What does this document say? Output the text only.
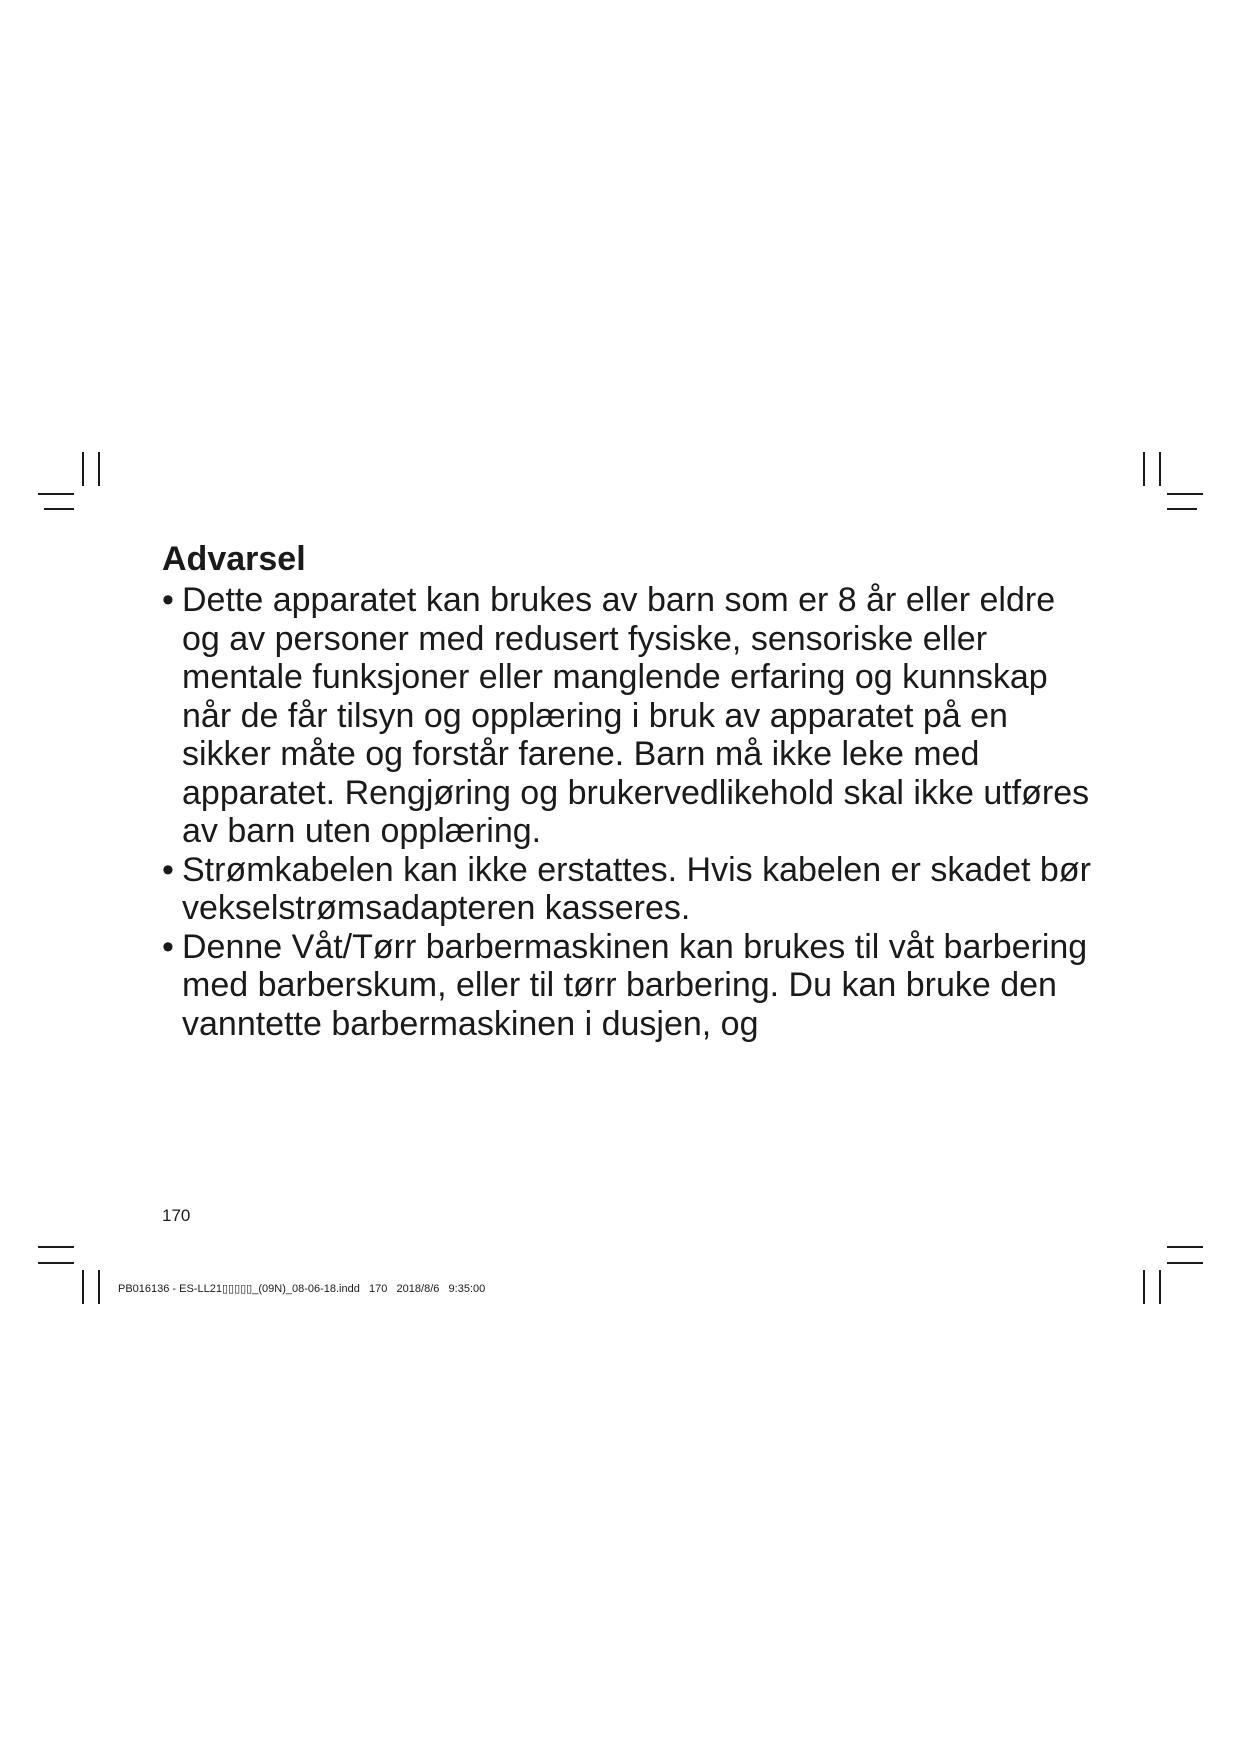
Advarsel
• Dette apparatet kan brukes av barn som er 8 år eller eldre og av personer med redusert fysiske, sensoriske eller mentale funksjoner eller manglende erfaring og kunnskap når de får tilsyn og opplæring i bruk av apparatet på en sikker måte og forstår farene. Barn må ikke leke med apparatet. Rengjøring og brukervedlikehold skal ikke utføres av barn uten opplæring.
• Strømkabelen kan ikke erstattes. Hvis kabelen er skadet bør vekselstrømsadapteren kasseres.
• Denne Våt/Tørr barbermaskinen kan brukes til våt barbering med barberskum, eller til tørr barbering. Du kan bruke den vanntette barbermaskinen i dusjen, og
170
PB016136 - ES-LL21▯▯▯▯▯_(09N)_08-06-18.indd   170   2018/8/6   9:35:00
